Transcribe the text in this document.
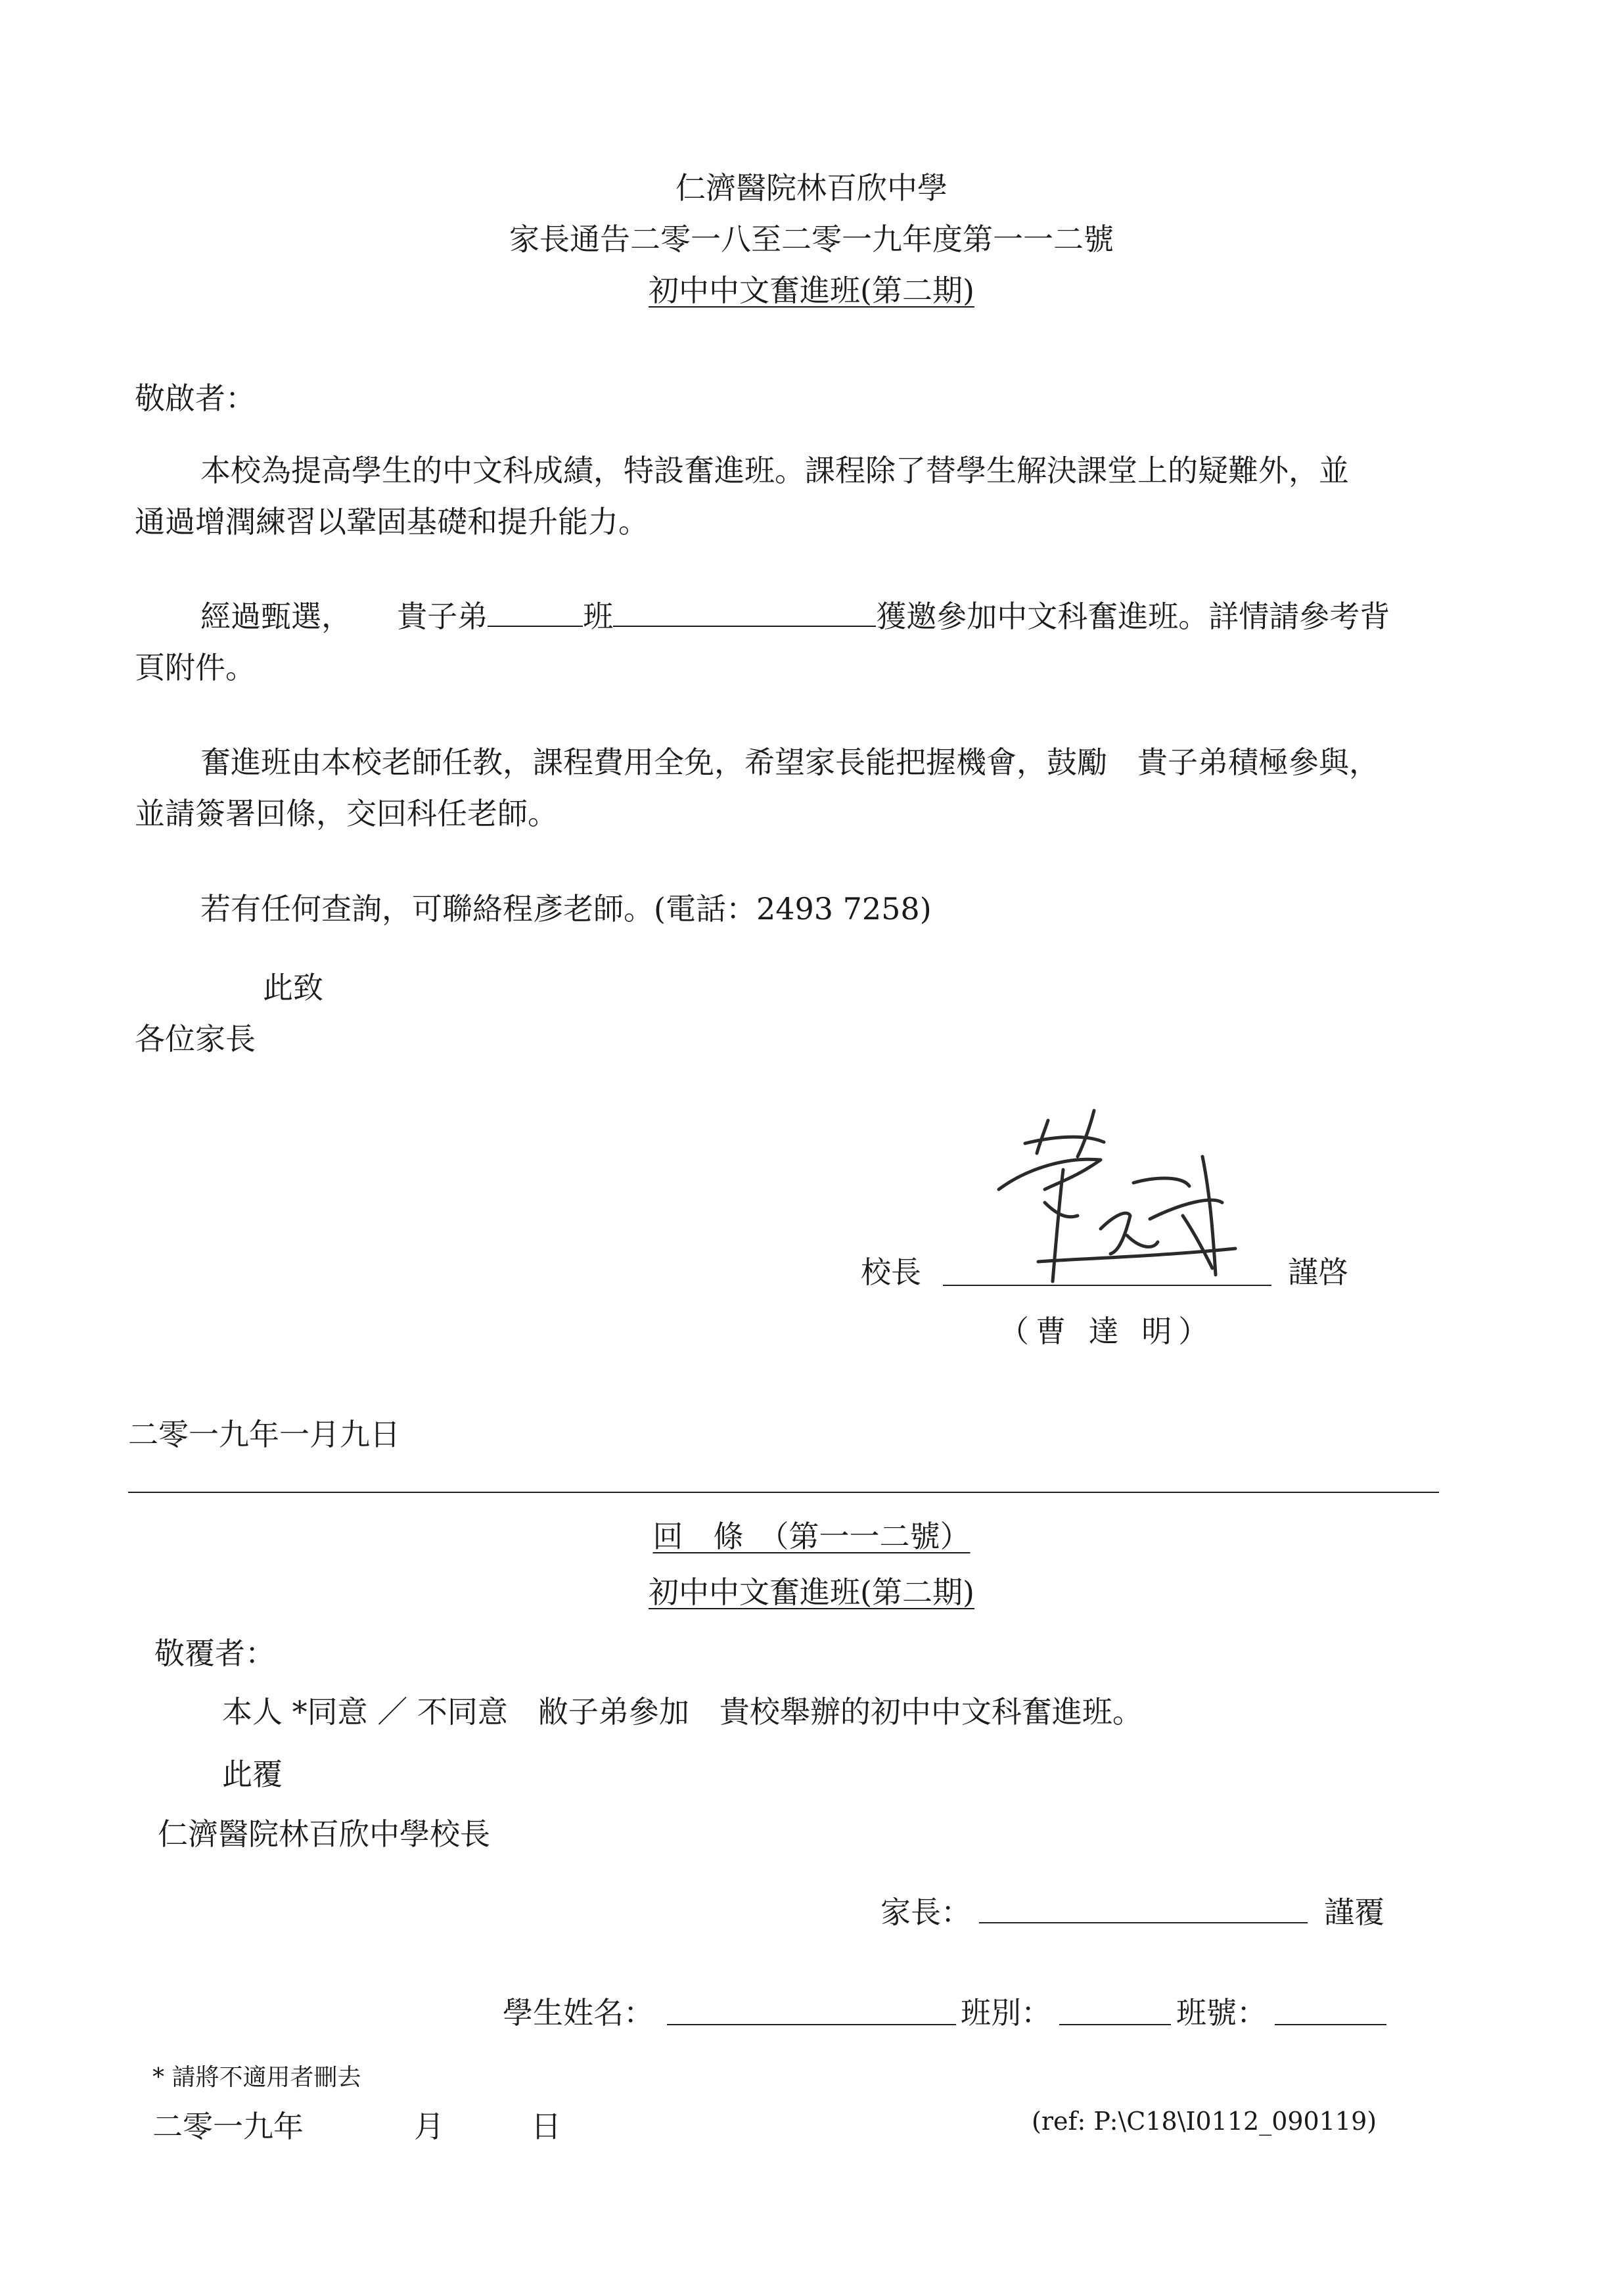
仁濟醫院林百欣中學
家長通告二零一八至二零一九年度第一一二號
初中中文奮進班(第二期)
敬啟者：
本校為提高學生的中文科成績，特設奮進班。課程除了替學生解決課堂上的疑難外，並
通過增潤練習以鞏固基礎和提升能力。
經過甄選， 貴子弟	班	獲邀參加中文科奮進班。詳情請參考背
頁附件。
奮進班由本校老師任教，課程費用全免，希望家長能把握機會，鼓勵　貴子弟積極參與，
並請簽署回條，交回科任老師。
若有任何查詢，可聯絡程彥老師。(電話：2493 7258)
此致
各位家長
校長	謹啓
（曹 達 明）
二零一九年一月九日
回　條　（第一一二號）
初中中文奮進班(第二期)
敬覆者：
本人 *同意 ／ 不同意　敝子弟參加　貴校舉辦的初中中文科奮進班。
此覆
仁濟醫院林百欣中學校長
家長：	謹覆
學生姓名：	班別：	班號：
* 請將不適用者刪去
二零一九年	月	日	(ref: P:\C18\I0112_090119)
